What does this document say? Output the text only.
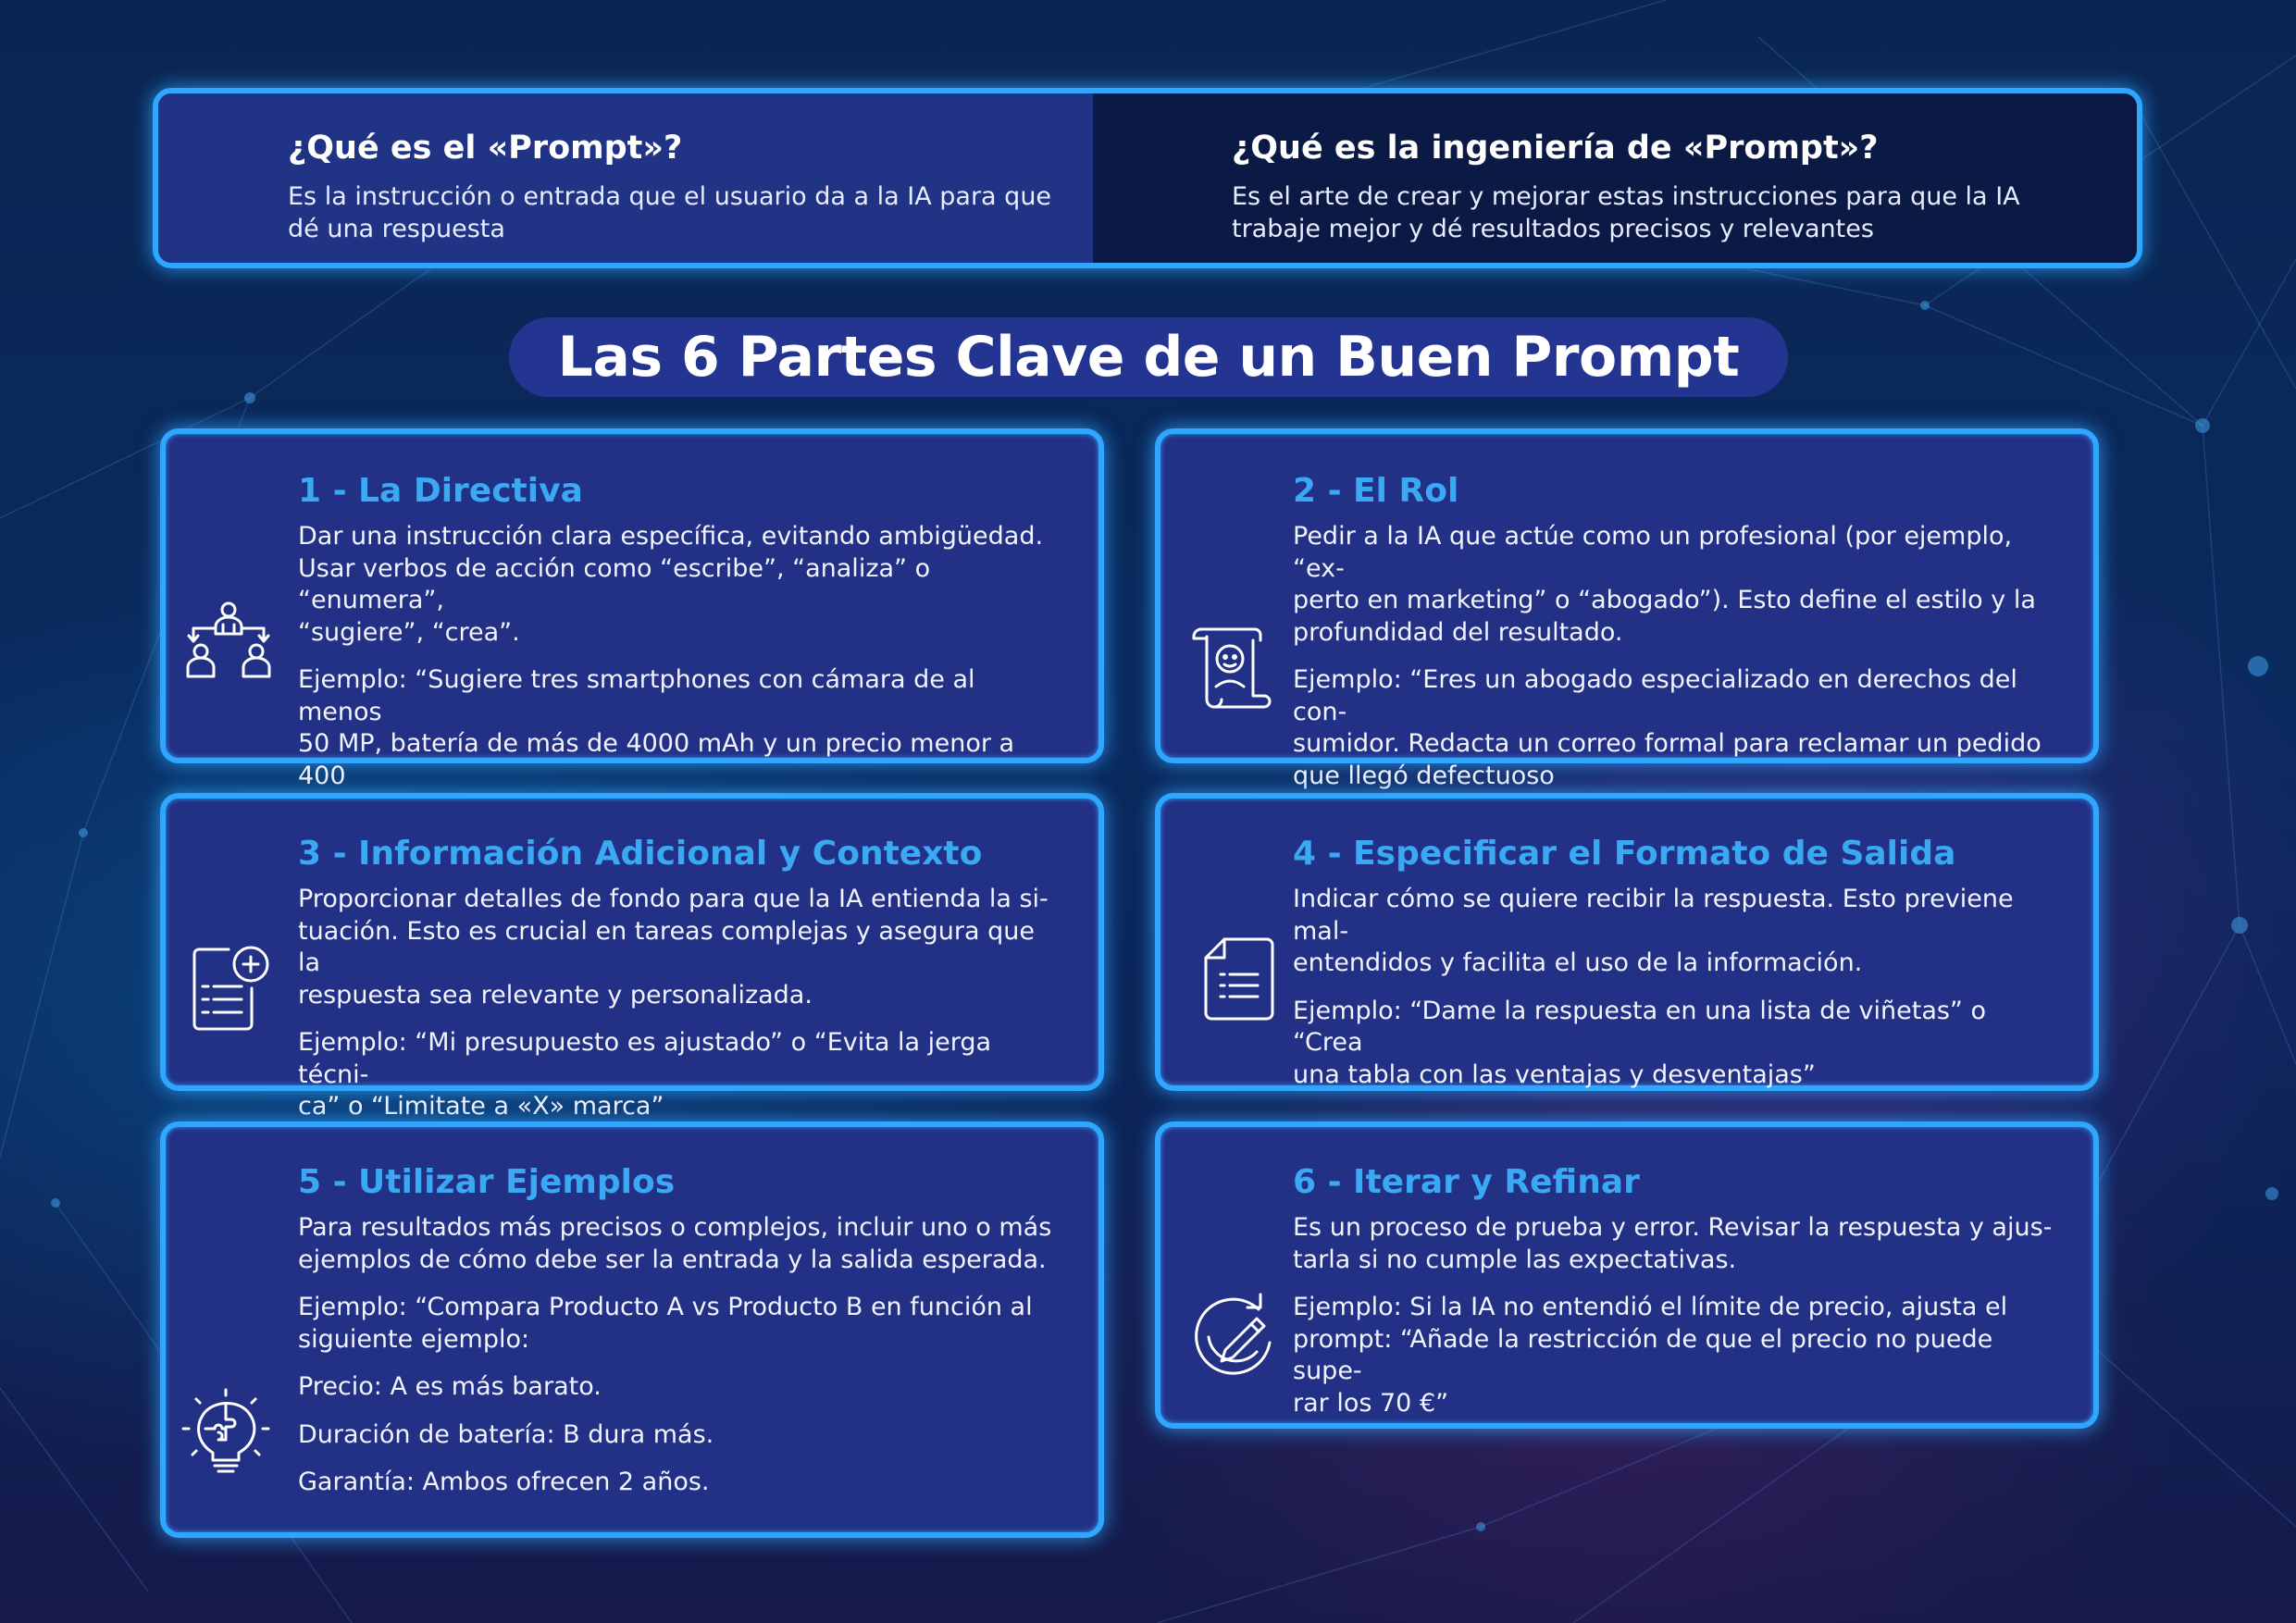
¿Qué es el «Prompt»?
Es la instrucción o entrada que el usuario da a la IA para que
dé una respuesta
¿Qué es la ingeniería de «Prompt»?
Es el arte de crear y mejorar estas instrucciones para que la IA
trabaje mejor y dé resultados precisos y relevantes
Las 6 Partes Clave de un Buen Prompt
1 - La Directiva
Dar una instrucción clara específica, evitando ambigüedad.
Usar verbos de acción como “escribe”, “analiza” o “enumera”,
“sugiere”, “crea”.
Ejemplo: “Sugiere tres smartphones con cámara de al menos
50 MP, batería de más de 4000 mAh y un precio menor a 400
2 - El Rol
Pedir a la IA que actúe como un profesional (por ejemplo, “ex-
perto en marketing” o “abogado”). Esto define el estilo y la
profundidad del resultado.
Ejemplo: “Eres un abogado especializado en derechos del con-
sumidor. Redacta un correo formal para reclamar un pedido
que llegó defectuoso
3 - Información Adicional y Contexto
Proporcionar detalles de fondo para que la IA entienda la si-
tuación. Esto es crucial en tareas complejas y asegura que la
respuesta sea relevante y personalizada.
Ejemplo: “Mi presupuesto es ajustado” o “Evita la jerga técni-
ca” o “Limitate a «X» marca”
4 - Especificar el Formato de Salida
Indicar cómo se quiere recibir la respuesta. Esto previene mal-
entendidos y facilita el uso de la información.
Ejemplo: “Dame la respuesta en una lista de viñetas” o “Crea
una tabla con las ventajas y desventajas”
5 - Utilizar Ejemplos
Para resultados más precisos o complejos, incluir uno o más
ejemplos de cómo debe ser la entrada y la salida esperada.
Ejemplo: “Compara Producto A vs Producto B en función al
siguiente ejemplo:
Precio: A es más barato.
Duración de batería: B dura más.
Garantía: Ambos ofrecen 2 años.
6 - Iterar y Refinar
Es un proceso de prueba y error. Revisar la respuesta y ajus-
tarla si no cumple las expectativas.
Ejemplo: Si la IA no entendió el límite de precio, ajusta el
prompt: “Añade la restricción de que el precio no puede supe-
rar los 70 €”
